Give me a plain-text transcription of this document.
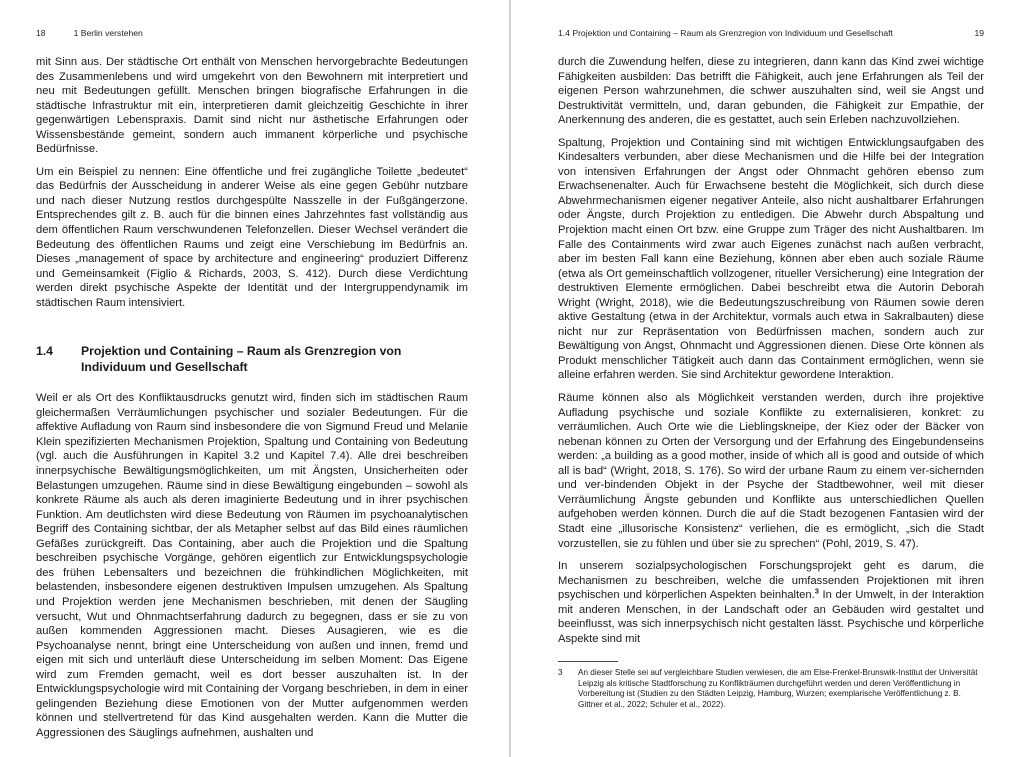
18	1 Berlin verstehen

mit Sinn aus. Der städtische Ort enthält von Menschen hervorgebrachte Bedeutungen des Zusammenlebens und wird umgekehrt von den Bewohnern mit interpretiert und neu mit Bedeutungen gefüllt. Menschen bringen biografische Erfahrungen in die städtische Infrastruktur mit ein, interpretieren damit gleichzeitig Geschichte in ihrer gegenwärtigen Lebenspraxis. Damit sind nicht nur ästhetische Erfahrungen oder Wissensbestände gemeint, sondern auch immanent körperliche und psychische Bedürfnisse.

Um ein Beispiel zu nennen: Eine öffentliche und frei zugängliche Toilette „bedeutet“ das Bedürfnis der Ausscheidung in anderer Weise als eine gegen Gebühr nutzbare und nach dieser Nutzung restlos durchgespülte Nasszelle in der Fußgängerzone. Entsprechendes gilt z. B. auch für die binnen eines Jahrzehntes fast vollständig aus dem öffentlichen Raum verschwundenen Telefonzellen. Dieser Wechsel verändert die Bedeutung des öffentlichen Raums und zeigt eine Verschiebung im Bedürfnis an. Dieses „management of space by architecture and engineering“ produziert Differenz und Gemeinsamkeit (Figlio & Richards, 2003, S. 412). Durch diese Verdichtung werden direkt psychische Aspekte der Identität und der Intergruppendynamik im städtischen Raum intensiviert.

1.4	Projektion und Containing – Raum als Grenzregion von Individuum und Gesellschaft

Weil er als Ort des Konfliktausdrucks genutzt wird, finden sich im städtischen Raum gleichermaßen Verräumlichungen psychischer und sozialer Bedeutungen. Für die affektive Aufladung von Raum sind insbesondere die von Sigmund Freud und Melanie Klein spezifizierten Mechanismen Projektion, Spaltung und Containing von Bedeutung (vgl. auch die Ausführungen in Kapitel 3.2 und Kapitel 7.4). Alle drei beschreiben innerpsychische Bewältigungsmöglichkeiten, um mit Ängsten, Unsicherheiten oder Belastungen umzugehen. Räume sind in diese Bewältigung eingebunden – sowohl als konkrete Räume als auch als deren imaginierte Bedeutung und in ihrer psychischen Funktion. Am deutlichsten wird diese Bedeutung von Räumen im psychoanalytischen Begriff des Containing sichtbar, der als Metapher selbst auf das Bild eines räumlichen Gefäßes zurückgreift. Das Containing, aber auch die Projektion und die Spaltung beschreiben psychische Vorgänge, gehören eigentlich zur Entwicklungspsychologie des frühen Lebensalters und bezeichnen die frühkindlichen Möglichkeiten, mit belastenden, insbesondere eigenen destruktiven Impulsen umzugehen. Als Spaltung und Projektion werden jene Mechanismen beschrieben, mit denen der Säugling versucht, Wut und Ohnmachtserfahrung dadurch zu begegnen, dass er sie zu von außen kommenden Aggressionen macht. Dieses Ausagieren, wie es die Psychoanalyse nennt, bringt eine Unterscheidung von außen und innen, fremd und eigen mit sich und unterläuft diese Unterscheidung im selben Moment: Das Eigene wird zum Fremden gemacht, weil es dort besser auszuhalten ist. In der Entwicklungspsychologie wird mit Containing der Vorgang beschrieben, in dem in einer gelingenden Beziehung diese Emotionen von der Mutter aufgenommen werden können und stellvertretend für das Kind ausgehalten werden. Kann die Mutter die Aggressionen des Säuglings aufnehmen, aushalten und

1.4 Projektion und Containing – Raum als Grenzregion von Individuum und Gesellschaft	19

durch die Zuwendung helfen, diese zu integrieren, dann kann das Kind zwei wichtige Fähigkeiten ausbilden: Das betrifft die Fähigkeit, auch jene Erfahrungen als Teil der eigenen Person wahrzunehmen, die schwer auszuhalten sind, weil sie Angst und Destruktivität vermitteln, und, daran gebunden, die Fähigkeit zur Empathie, der Anerkennung des anderen, die es gestattet, auch sein Erleben nachzuvollziehen.

Spaltung, Projektion und Containing sind mit wichtigen Entwicklungsaufgaben des Kindesalters verbunden, aber diese Mechanismen und die Hilfe bei der Integration von intensiven Erfahrungen der Angst oder Ohnmacht gehören ebenso zum Erwachsenenalter. Auch für Erwachsene besteht die Möglichkeit, sich durch diese Abwehrmechanismen eigener negativer Anteile, also nicht aushaltbarer Erfahrungen oder Ängste, durch Projektion zu entledigen. Die Abwehr durch Abspaltung und Projektion macht einen Ort bzw. eine Gruppe zum Träger des nicht Aushaltbaren. Im Falle des Containments wird zwar auch Eigenes zunächst nach außen verbracht, aber im besten Fall kann eine Beziehung, können aber eben auch soziale Räume (etwa als Ort gemeinschaftlich vollzogener, ritueller Versicherung) eine Integration der destruktiven Elemente ermöglichen. Dabei beschreibt etwa die Autorin Deborah Wright (Wright, 2018), wie die Bedeutungszuschreibung von Räumen sowie deren aktive Gestaltung (etwa in der Architektur, vormals auch etwa in Sakralbauten) diese nicht nur zur Repräsentation von Bedürfnissen machen, sondern auch zur Bewältigung von Angst, Ohnmacht und Aggressionen dienen. Diese Orte können als Produkt menschlicher Tätigkeit auch dann das Containment ermöglichen, wenn sie alleine erfahren werden. Sie sind Architektur gewordene Interaktion.

Räume können also als Möglichkeit verstanden werden, durch ihre projektive Aufladung psychische und soziale Konflikte zu externalisieren, konkret: zu verräumlichen. Auch Orte wie die Lieblingskneipe, der Kiez oder der Bäcker von nebenan können zu Orten der Versorgung und der Erfahrung des Eingebundenseins werden: „a building as a good mother, inside of which all is good and outside of which all is bad“ (Wright, 2018, S. 176). So wird der urbane Raum zu einem ver-sichernden und ver-bindenden Objekt in der Psyche der Stadtbewohner, weil mit dieser Verräumlichung Ängste gebunden und Konflikte aus unterschiedlichen Quellen aufgehoben werden können. Durch die auf die Stadt bezogenen Fantasien wird der Stadt eine „illusorische Konsistenz“ verliehen, die es ermöglicht, „sich die Stadt vorzustellen, sie zu fühlen und über sie zu sprechen“ (Pohl, 2019, S. 47).

In unserem sozialpsychologischen Forschungsprojekt geht es darum, die Mechanismen zu beschreiben, welche die umfassenden Projektionen mit ihren psychischen und körperlichen Aspekten beinhalten.$^3$ In der Umwelt, in der Interaktion mit anderen Menschen, in der Landschaft oder an Gebäuden wird gestaltet und beeinflusst, was sich innerpsychisch nicht gestalten lässt. Psychische und körperliche Aspekte sind mit

3	An dieser Stelle sei auf vergleichbare Studien verwiesen, die am Else-Frenkel-Brunswik-Institut der Universität Leipzig als kritische Stadtforschung zu Konflikträumen durchgeführt werden und deren Veröffentlichung in Vorbereitung ist (Studien zu den Städten Leipzig, Hamburg, Wurzen; exemplarische Veröffentlichung z. B. Gittner et al., 2022; Schuler et al., 2022).
